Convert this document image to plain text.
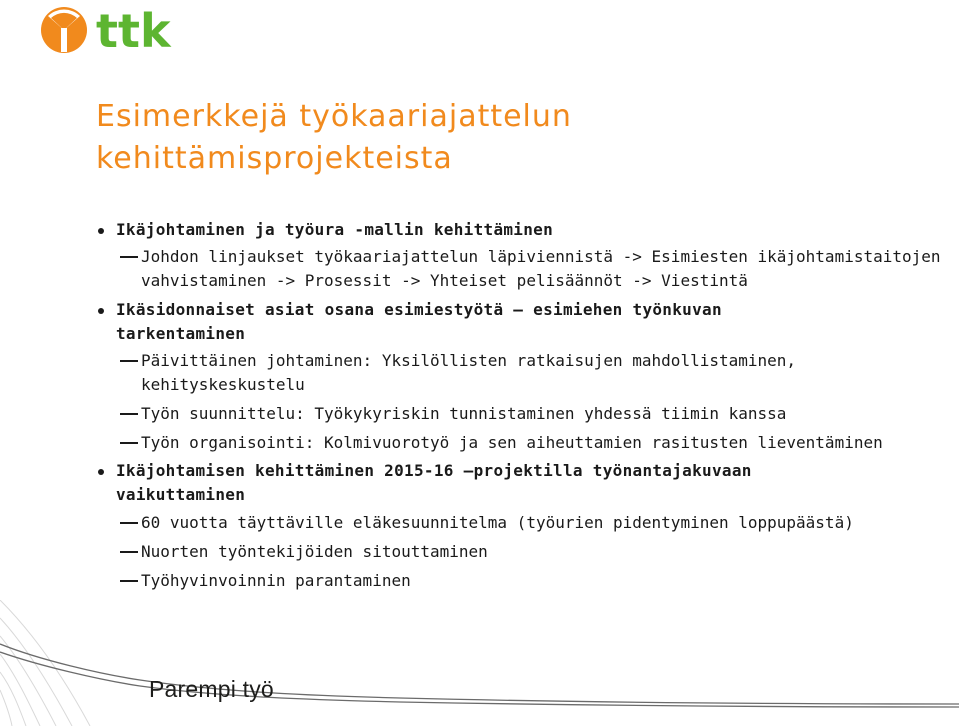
ttk
Esimerkkejä työkaariajattelun
kehittämisprojekteista
Ikäjohtaminen ja työura -mallin kehittäminen
Johdon linjaukset työkaariajattelun läpiviennistä -> Esimiesten ikäjohtamistaitojen
vahvistaminen -> Prosessit -> Yhteiset pelisäännöt -> Viestintä
Ikäsidonnaiset asiat osana esimiestyötä – esimiehen työnkuvan
tarkentaminen
Päivittäinen johtaminen: Yksilöllisten ratkaisujen mahdollistaminen,
kehityskeskustelu
Työn suunnittelu: Työkykyriskin tunnistaminen yhdessä tiimin kanssa
Työn organisointi: Kolmivuorotyö ja sen aiheuttamien rasitusten lieventäminen
Ikäjohtamisen kehittäminen 2015-16 –projektilla työnantajakuvaan
vaikuttaminen
60 vuotta täyttäville eläkesuunnitelma (työurien pidentyminen loppupäästä)
Nuorten työntekijöiden sitouttaminen
Työhyvinvoinnin parantaminen
Parempi työ
